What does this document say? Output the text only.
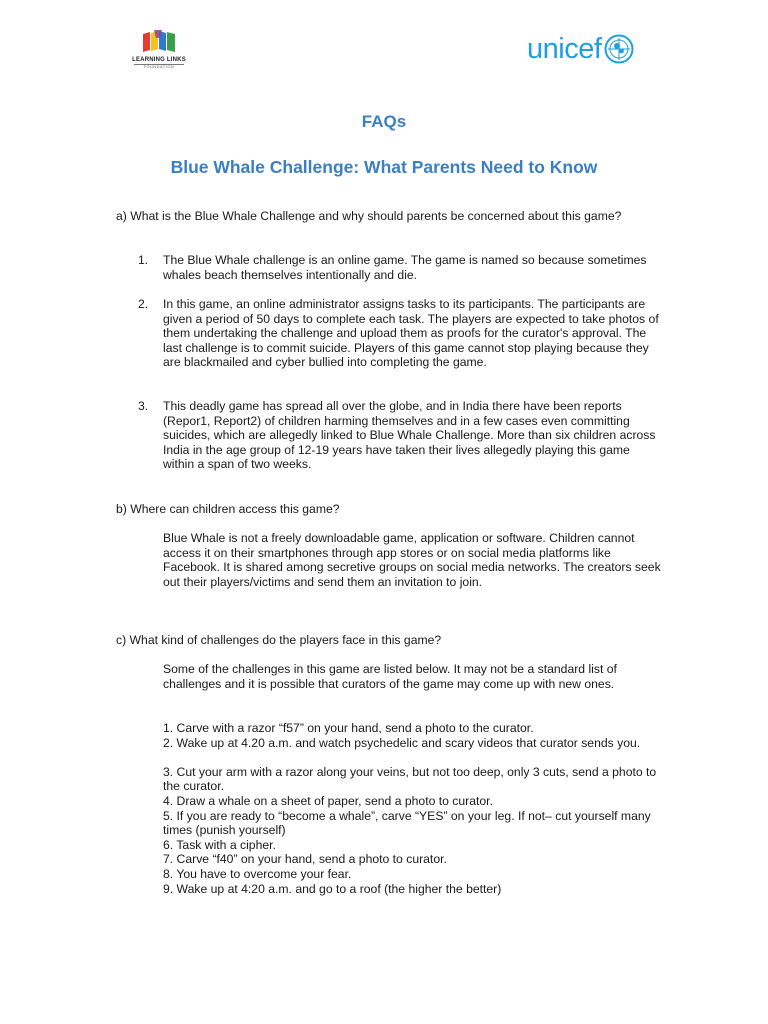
LEARNING LINKS
FOUNDATION
unicef
FAQs
Blue Whale Challenge: What Parents Need to Know
a) What is the Blue Whale Challenge and why should parents be concerned about this game?
1. The Blue Whale challenge is an online game. The game is named so because sometimes whales beach themselves intentionally and die.
2. In this game, an online administrator assigns tasks to its participants. The participants are given a period of 50 days to complete each task. The players are expected to take photos of them undertaking the challenge and upload them as proofs for the curator's approval. The last challenge is to commit suicide. Players of this game cannot stop playing because they are blackmailed and cyber bullied into completing the game.
3. This deadly game has spread all over the globe, and in India there have been reports (Repor1, Report2) of children harming themselves and in a few cases even committing suicides, which are allegedly linked to Blue Whale Challenge. More than six children across India in the age group of 12-19 years have taken their lives allegedly playing this game within a span of two weeks.
b) Where can children access this game?
Blue Whale is not a freely downloadable game, application or software. Children cannot access it on their smartphones through app stores or on social media platforms like Facebook. It is shared among secretive groups on social media networks. The creators seek out their players/victims and send them an invitation to join.
c) What kind of challenges do the players face in this game?
Some of the challenges in this game are listed below. It may not be a standard list of challenges and it is possible that curators of the game may come up with new ones.
1. Carve with a razor “f57” on your hand, send a photo to the curator.
2. Wake up at 4.20 a.m. and watch psychedelic and scary videos that curator sends you.
3. Cut your arm with a razor along your veins, but not too deep, only 3 cuts, send a photo to the curator.
4. Draw a whale on a sheet of paper, send a photo to curator.
5. If you are ready to “become a whale”, carve “YES” on your leg. If not– cut yourself many times (punish yourself)
6. Task with a cipher.
7. Carve “f40” on your hand, send a photo to curator.
8. You have to overcome your fear.
9. Wake up at 4:20 a.m. and go to a roof (the higher the better)
